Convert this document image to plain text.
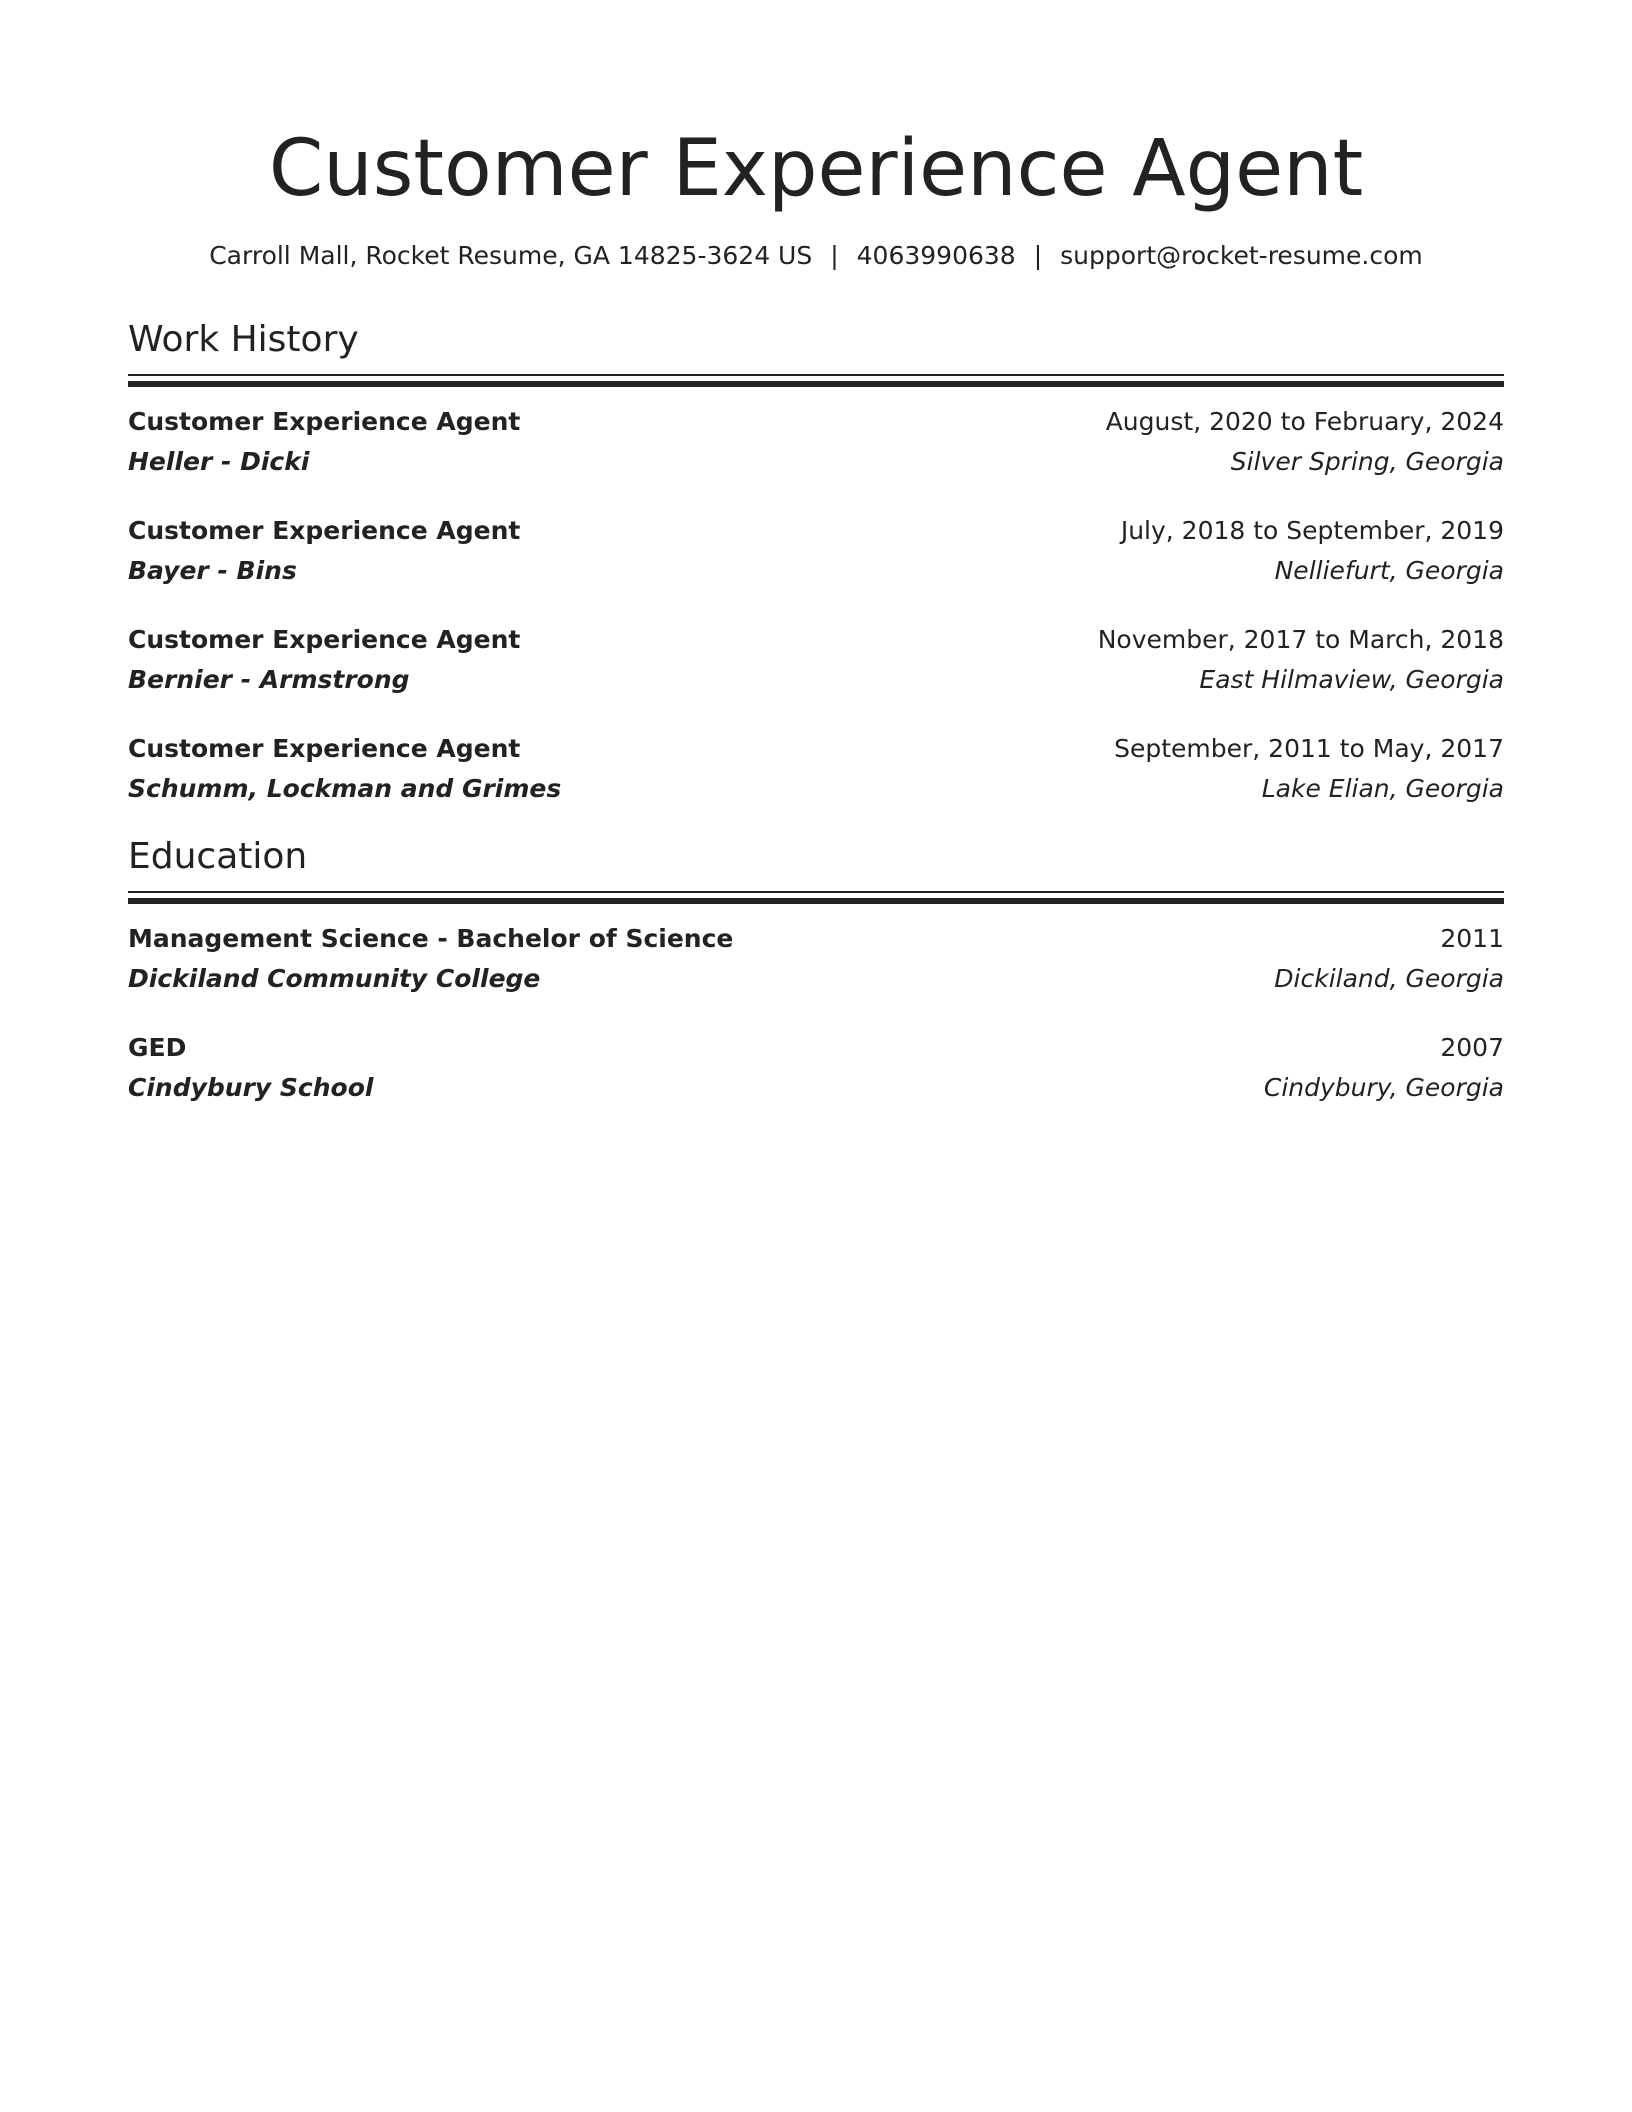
Customer Experience Agent
Carroll Mall, Rocket Resume, GA 14825-3624 US | 4063990638 | support@rocket-resume.com
Work History
Customer Experience Agent
Heller - Dicki
August, 2020 to February, 2024
Silver Spring, Georgia
Customer Experience Agent
Bayer - Bins
July, 2018 to September, 2019
Nelliefurt, Georgia
Customer Experience Agent
Bernier - Armstrong
November, 2017 to March, 2018
East Hilmaview, Georgia
Customer Experience Agent
Schumm, Lockman and Grimes
September, 2011 to May, 2017
Lake Elian, Georgia
Education
Management Science - Bachelor of Science
Dickiland Community College
2011
Dickiland, Georgia
GED
Cindybury School
2007
Cindybury, Georgia
